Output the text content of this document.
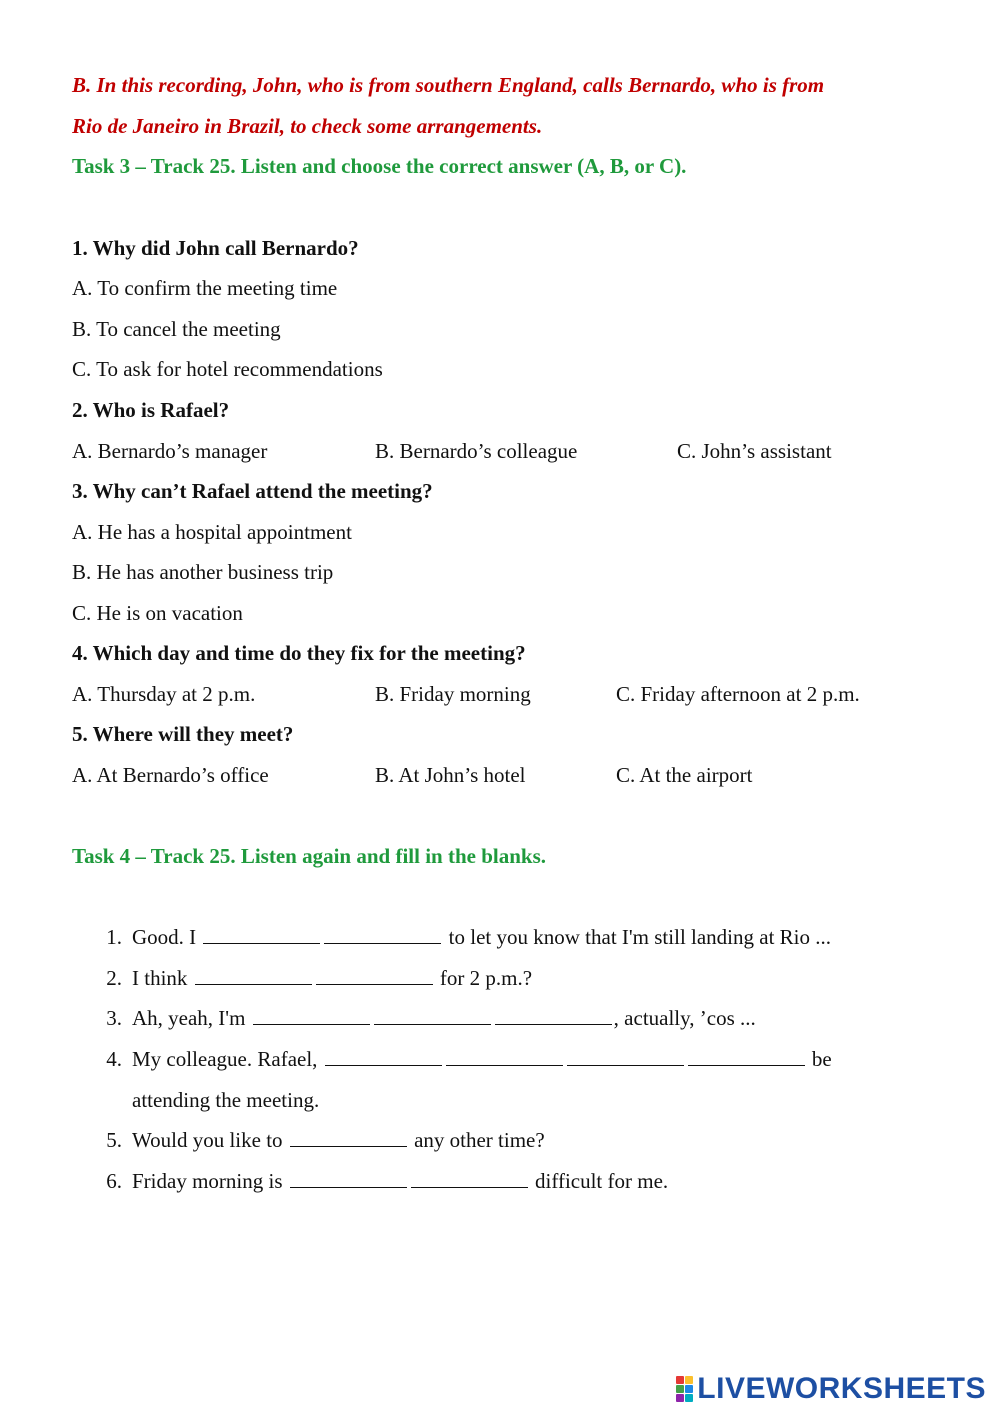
B. In this recording, John, who is from southern England, calls Bernardo, who is from
Rio de Janeiro in Brazil, to check some arrangements.
Task 3 – Track 25. Listen and choose the correct answer (A, B, or C).
1. Why did John call Bernardo?
A. To confirm the meeting time
B. To cancel the meeting
C. To ask for hotel recommendations
2. Who is Rafael?
A. Bernardo’s manager	B. Bernardo’s colleague	C. John’s assistant
3. Why can’t Rafael attend the meeting?
A. He has a hospital appointment
B. He has another business trip
C. He is on vacation
4. Which day and time do they fix for the meeting?
A. Thursday at 2 p.m.	B. Friday morning	C. Friday afternoon at 2 p.m.
5. Where will they meet?
A. At Bernardo’s office	B. At John’s hotel	C. At the airport
Task 4 – Track 25. Listen again and fill in the blanks.
1. Good. I	to let you know that I'm still landing at Rio ...
2. I think	for 2 p.m.?
3. Ah, yeah, I'm	, actually, ’cos ...
4. My colleague. Rafael,	be
attending the meeting.
5. Would you like to	any other time?
6. Friday morning is	difficult for me.
LIVEWORKSHEETS
